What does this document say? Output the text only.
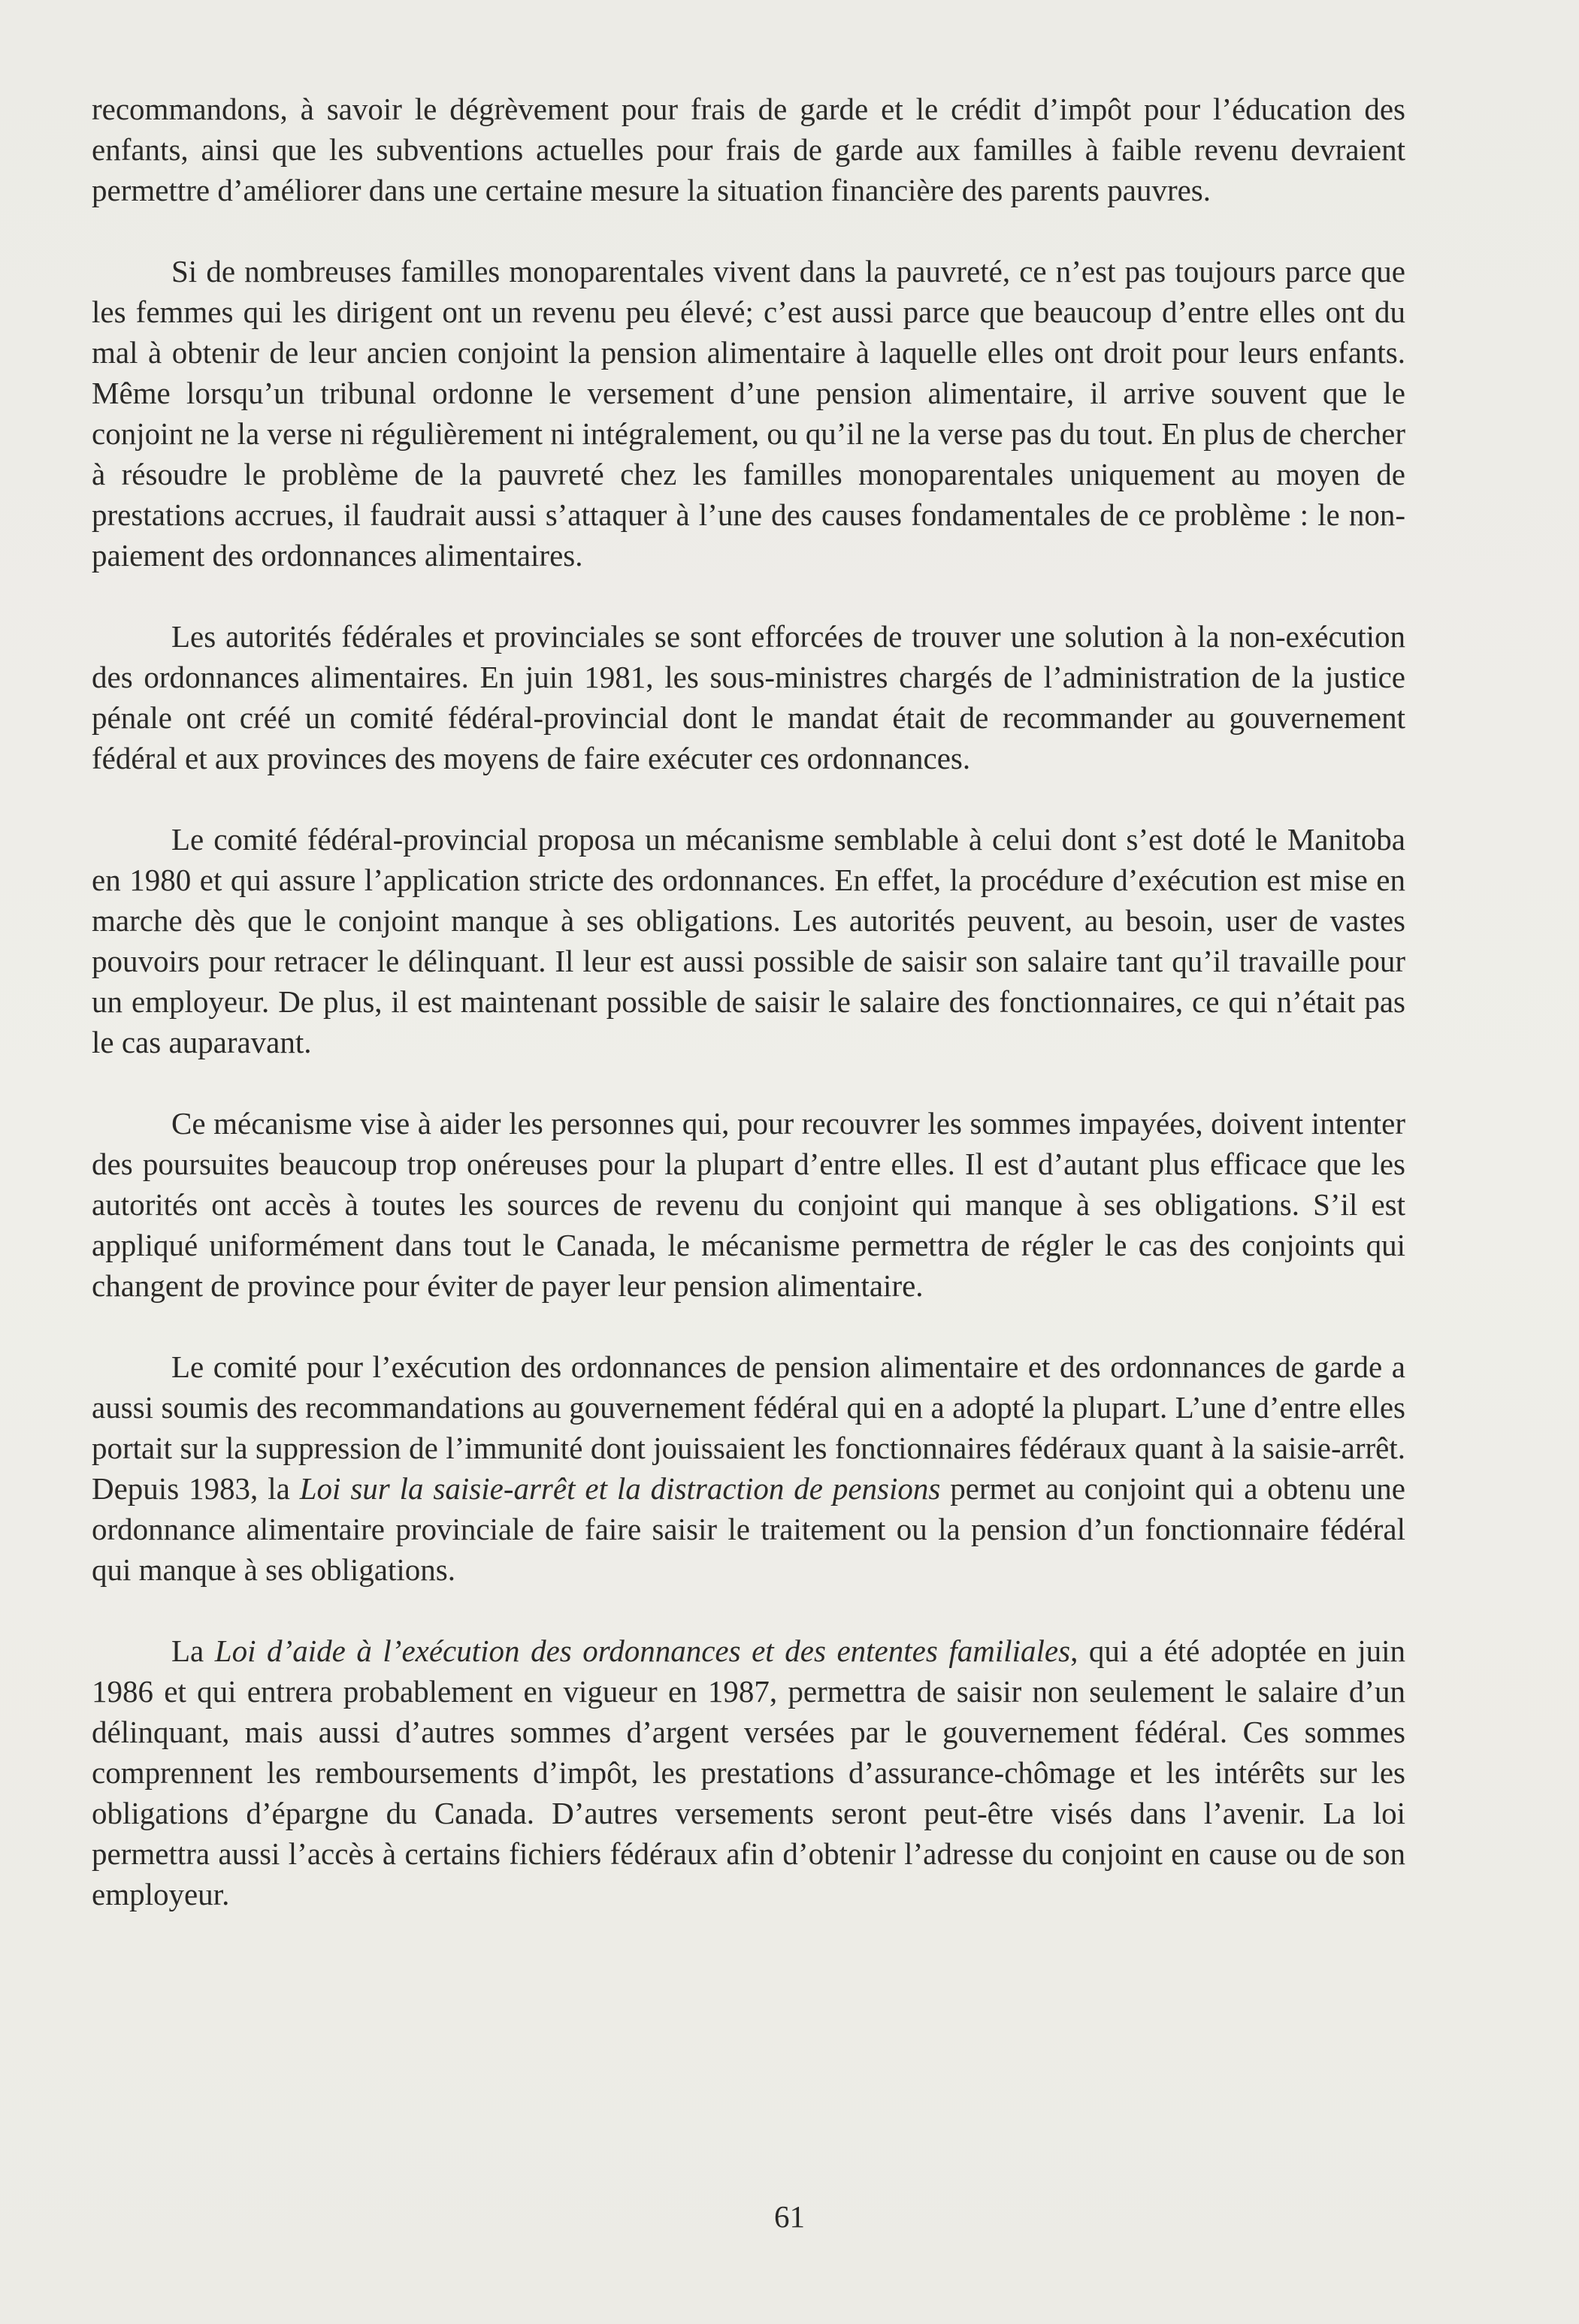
recommandons, à savoir le dégrèvement pour frais de garde et le crédit d’impôt pour l’éducation des enfants, ainsi que les subventions actuelles pour frais de garde aux familles à faible revenu devraient permettre d’améliorer dans une certaine mesure la situation financière des parents pauvres.

Si de nombreuses familles monoparentales vivent dans la pauvreté, ce n’est pas toujours parce que les femmes qui les dirigent ont un revenu peu élevé; c’est aussi parce que beaucoup d’entre elles ont du mal à obtenir de leur ancien conjoint la pension alimentaire à laquelle elles ont droit pour leurs enfants. Même lorsqu’un tribunal ordonne le versement d’une pension alimentaire, il arrive souvent que le conjoint ne la verse ni régulièrement ni intégralement, ou qu’il ne la verse pas du tout. En plus de chercher à résoudre le problème de la pauvreté chez les familles monoparentales uniquement au moyen de prestations accrues, il faudrait aussi s’attaquer à l’une des causes fondamentales de ce problème : le non-paiement des ordonnances alimentaires.

Les autorités fédérales et provinciales se sont efforcées de trouver une solution à la non-exécution des ordonnances alimentaires. En juin 1981, les sous-ministres chargés de l’administration de la justice pénale ont créé un comité fédéral-provincial dont le mandat était de recommander au gouvernement fédéral et aux provinces des moyens de faire exécuter ces ordonnances.

Le comité fédéral-provincial proposa un mécanisme semblable à celui dont s’est doté le Manitoba en 1980 et qui assure l’application stricte des ordonnances. En effet, la procédure d’exécution est mise en marche dès que le conjoint manque à ses obligations. Les autorités peuvent, au besoin, user de vastes pouvoirs pour retracer le délinquant. Il leur est aussi possible de saisir son salaire tant qu’il travaille pour un employeur. De plus, il est maintenant possible de saisir le salaire des fonctionnaires, ce qui n’était pas le cas auparavant.

Ce mécanisme vise à aider les personnes qui, pour recouvrer les sommes impayées, doivent intenter des poursuites beaucoup trop onéreuses pour la plupart d’entre elles. Il est d’autant plus efficace que les autorités ont accès à toutes les sources de revenu du conjoint qui manque à ses obligations. S’il est appliqué uniformément dans tout le Canada, le mécanisme permettra de régler le cas des conjoints qui changent de province pour éviter de payer leur pension alimentaire.

Le comité pour l’exécution des ordonnances de pension alimentaire et des ordonnances de garde a aussi soumis des recommandations au gouvernement fédéral qui en a adopté la plupart. L’une d’entre elles portait sur la suppression de l’immunité dont jouissaient les fonctionnaires fédéraux quant à la saisie-arrêt. Depuis 1983, la Loi sur la saisie-arrêt et la distraction de pensions permet au conjoint qui a obtenu une ordonnance alimentaire provinciale de faire saisir le traitement ou la pension d’un fonctionnaire fédéral qui manque à ses obligations.

La Loi d’aide à l’exécution des ordonnances et des ententes familiales, qui a été adoptée en juin 1986 et qui entrera probablement en vigueur en 1987, permettra de saisir non seulement le salaire d’un délinquant, mais aussi d’autres sommes d’argent versées par le gouvernement fédéral. Ces sommes comprennent les remboursements d’impôt, les prestations d’assurance-chômage et les intérêts sur les obligations d’épargne du Canada. D’autres versements seront peut-être visés dans l’avenir. La loi permettra aussi l’accès à certains fichiers fédéraux afin d’obtenir l’adresse du conjoint en cause ou de son employeur.

61
